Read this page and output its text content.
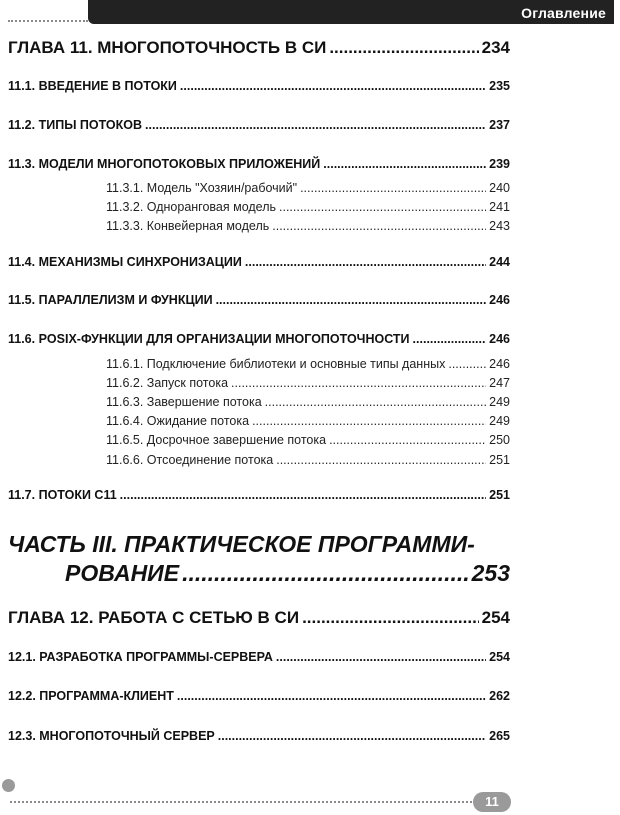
Оглавление
ГЛАВА 11. МНОГОПОТОЧНОСТЬ В СИ .....	234
11.1. ВВЕДЕНИЕ В ПОТОКИ .....	235
11.2. ТИПЫ ПОТОКОВ .....	237
11.3. МОДЕЛИ МНОГОПОТОКОВЫХ ПРИЛОЖЕНИЙ .....	239
11.3.1. Модель "Хозяин/рабочий" .....	240
11.3.2. Одноранговая модель .....	241
11.3.3. Конвейерная модель .....	243
11.4. МЕХАНИЗМЫ СИНХРОНИЗАЦИИ .....	244
11.5. ПАРАЛЛЕЛИЗМ И ФУНКЦИИ .....	246
11.6. POSIX-ФУНКЦИИ ДЛЯ ОРГАНИЗАЦИИ МНОГОПОТОЧНОСТИ .....	246
11.6.1. Подключение библиотеки и основные типы данных .....	246
11.6.2. Запуск потока .....	247
11.6.3. Завершение потока .....	249
11.6.4. Ожидание потока .....	249
11.6.5. Досрочное завершение потока .....	250
11.6.6. Отсоединение потока .....	251
11.7. ПОТОКИ С11 .....	251
ЧАСТЬ III. ПРАКТИЧЕСКОЕ ПРОГРАММИ-
РОВАНИЕ .....	253
ГЛАВА 12. РАБОТА С СЕТЬЮ В СИ .....	254
12.1. РАЗРАБОТКА ПРОГРАММЫ-СЕРВЕРА .....	254
12.2. ПРОГРАММА-КЛИЕНТ .....	262
12.3. МНОГОПОТОЧНЫЙ СЕРВЕР .....	265
11
